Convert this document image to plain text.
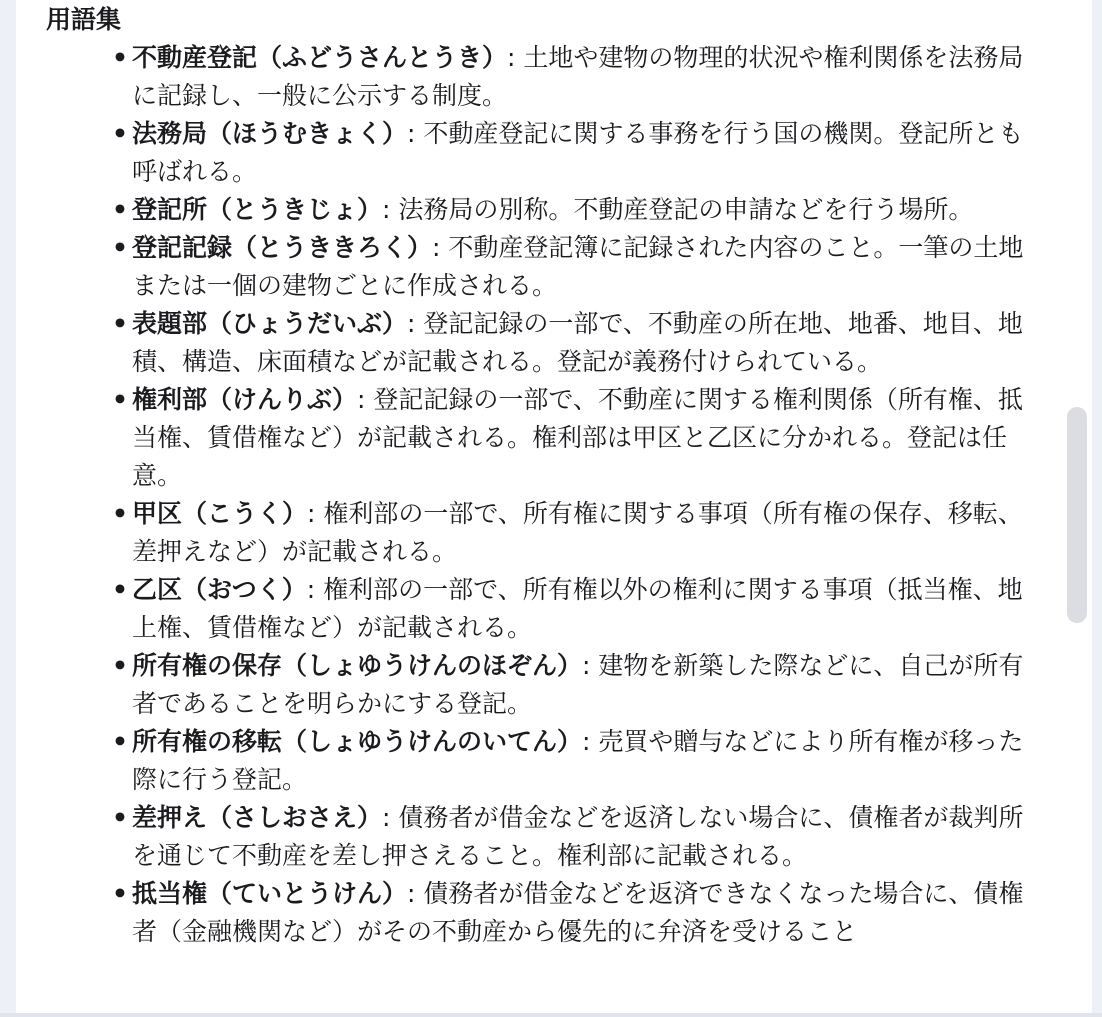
用語集
• 不動産登記（ふどうさんとうき）: 土地や建物の物理的状況や権利関係を法務局に記録し、一般に公示する制度。
• 法務局（ほうむきょく）: 不動産登記に関する事務を行う国の機関。登記所とも呼ばれる。
• 登記所（とうきじょ）: 法務局の別称。不動産登記の申請などを行う場所。
• 登記記録（とうききろく）: 不動産登記簿に記録された内容のこと。一筆の土地または一個の建物ごとに作成される。
• 表題部（ひょうだいぶ）: 登記記録の一部で、不動産の所在地、地番、地目、地積、構造、床面積などが記載される。登記が義務付けられている。
• 権利部（けんりぶ）: 登記記録の一部で、不動産に関する権利関係（所有権、抵当権、賃借権など）が記載される。権利部は甲区と乙区に分かれる。登記は任意。
• 甲区（こうく）: 権利部の一部で、所有権に関する事項（所有権の保存、移転、差押えなど）が記載される。
• 乙区（おつく）: 権利部の一部で、所有権以外の権利に関する事項（抵当権、地上権、賃借権など）が記載される。
• 所有権の保存（しょゆうけんのほぞん）: 建物を新築した際などに、自己が所有者であることを明らかにする登記。
• 所有権の移転（しょゆうけんのいてん）: 売買や贈与などにより所有権が移った際に行う登記。
• 差押え（さしおさえ）: 債務者が借金などを返済しない場合に、債権者が裁判所を通じて不動産を差し押さえること。権利部に記載される。
• 抵当権（ていとうけん）: 債務者が借金などを返済できなくなった場合に、債権者（金融機関など）がその不動産から優先的に弁済を受けること
